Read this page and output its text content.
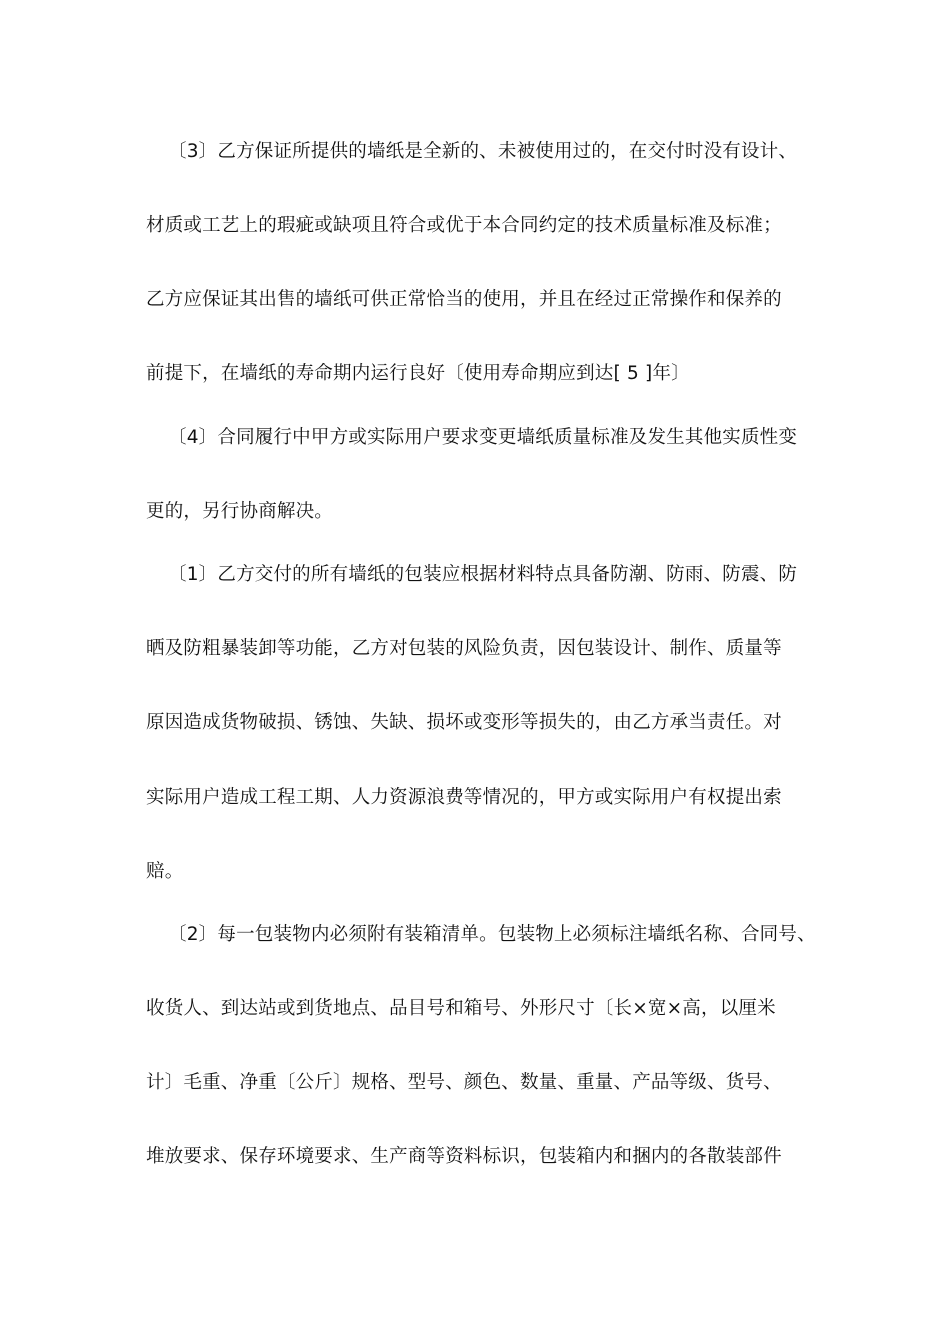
〔3〕乙方保证所提供的墙纸是全新的、未被使用过的，在交付时没有设计、
材质或工艺上的瑕疵或缺项且符合或优于本合同约定的技术质量标准及标准；
乙方应保证其出售的墙纸可供正常恰当的使用，并且在经过正常操作和保养的
前提下，在墙纸的寿命期内运行良好〔使用寿命期应到达[ 5 ]年〕
〔4〕合同履行中甲方或实际用户要求变更墙纸质量标准及发生其他实质性变
更的，另行协商解决。
〔1〕乙方交付的所有墙纸的包装应根据材料特点具备防潮、防雨、防震、防
晒及防粗暴装卸等功能，乙方对包装的风险负责，因包装设计、制作、质量等
原因造成货物破损、锈蚀、失缺、损坏或变形等损失的，由乙方承当责任。对
实际用户造成工程工期、人力资源浪费等情况的，甲方或实际用户有权提出索
赔。
〔2〕每一包装物内必须附有装箱清单。包装物上必须标注墙纸名称、合同号、
收货人、到达站或到货地点、品目号和箱号、外形尺寸〔长×宽×高，以厘米
计〕毛重、净重〔公斤〕规格、型号、颜色、数量、重量、产品等级、货号、
堆放要求、保存环境要求、生产商等资料标识，包装箱内和捆内的各散装部件
